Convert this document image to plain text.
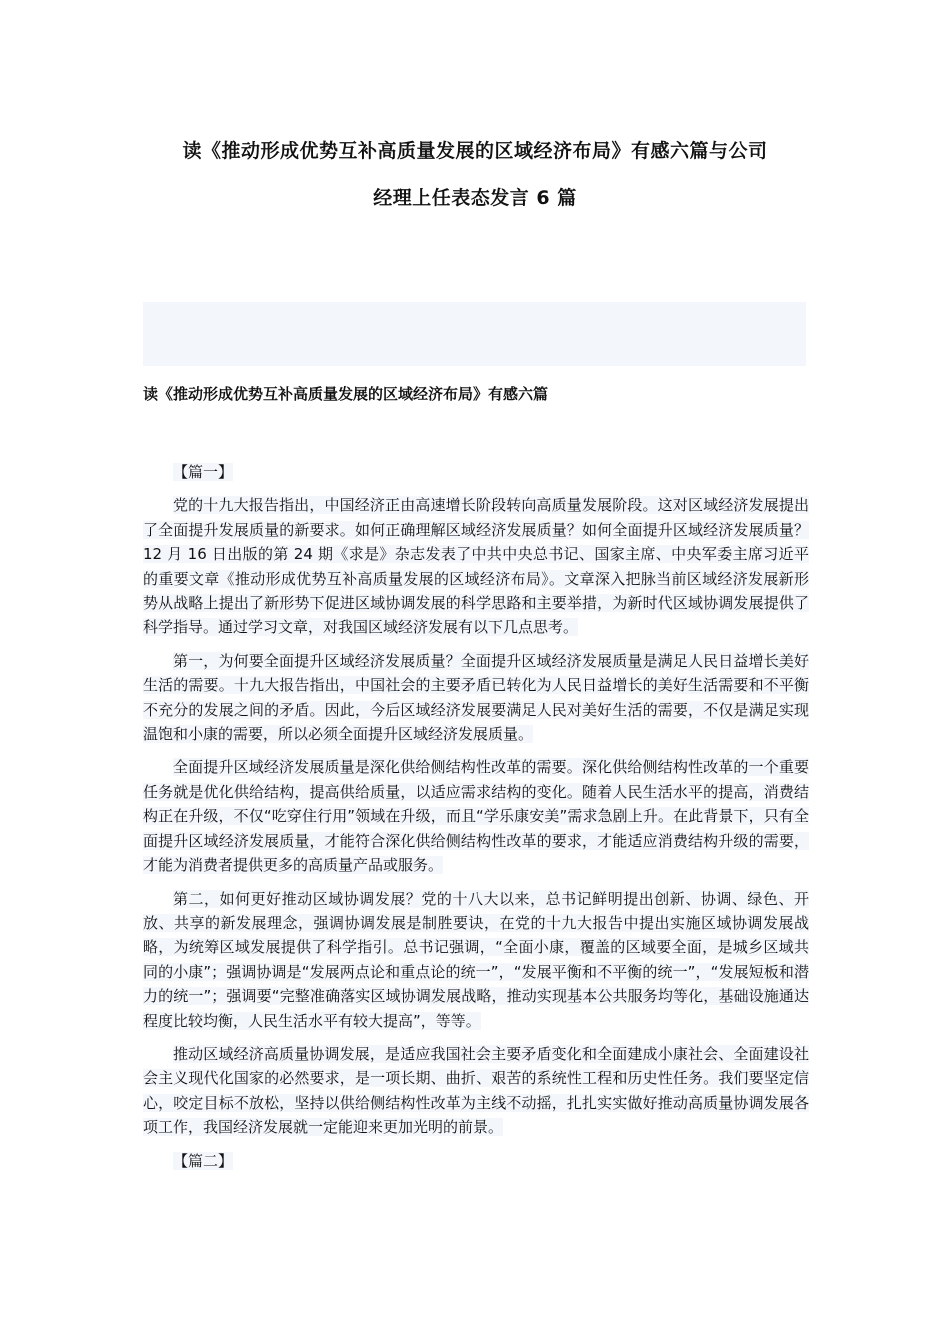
读《推动形成优势互补高质量发展的区域经济布局》有感六篇与公司
经理上任表态发言 6 篇
读《推动形成优势互补高质量发展的区域经济布局》有感六篇

【篇一】

党的十九大报告指出，中国经济正由高速增长阶段转向高质量发展阶段。这对区域经济发展提出了全面提升发展质量的新要求。如何正确理解区域经济发展质量？如何全面提升区域经济发展质量？12 月 16 日出版的第 24 期《求是》杂志发表了中共中央总书记、国家主席、中央军委主席习近平的重要文章《推动形成优势互补高质量发展的区域经济布局》。文章深入把脉当前区域经济发展新形势从战略上提出了新形势下促进区域协调发展的科学思路和主要举措，为新时代区域协调发展提供了科学指导。通过学习文章，对我国区域经济发展有以下几点思考。

第一，为何要全面提升区域经济发展质量？全面提升区域经济发展质量是满足人民日益增长美好生活的需要。十九大报告指出，中国社会的主要矛盾已转化为人民日益增长的美好生活需要和不平衡不充分的发展之间的矛盾。因此，今后区域经济发展要满足人民对美好生活的需要，不仅是满足实现温饱和小康的需要，所以必须全面提升区域经济发展质量。

全面提升区域经济发展质量是深化供给侧结构性改革的需要。深化供给侧结构性改革的一个重要任务就是优化供给结构，提高供给质量，以适应需求结构的变化。随着人民生活水平的提高，消费结构正在升级，不仅“吃穿住行用”领域在升级，而且“学乐康安美”需求急剧上升。在此背景下，只有全面提升区域经济发展质量，才能符合深化供给侧结构性改革的要求，才能适应消费结构升级的需要，才能为消费者提供更多的高质量产品或服务。

第二，如何更好推动区域协调发展？党的十八大以来，总书记鲜明提出创新、协调、绿色、开放、共享的新发展理念，强调协调发展是制胜要诀，在党的十九大报告中提出实施区域协调发展战略，为统筹区域发展提供了科学指引。总书记强调，“全面小康，覆盖的区域要全面，是城乡区域共同的小康”；强调协调是“发展两点论和重点论的统一”，“发展平衡和不平衡的统一”，“发展短板和潜力的统一”；强调要“完整准确落实区域协调发展战略，推动实现基本公共服务均等化，基础设施通达程度比较均衡，人民生活水平有较大提高”，等等。

推动区域经济高质量协调发展，是适应我国社会主要矛盾变化和全面建成小康社会、全面建设社会主义现代化国家的必然要求，是一项长期、曲折、艰苦的系统性工程和历史性任务。我们要坚定信心，咬定目标不放松，坚持以供给侧结构性改革为主线不动摇，扎扎实实做好推动高质量协调发展各项工作，我国经济发展就一定能迎来更加光明的前景。

【篇二】
